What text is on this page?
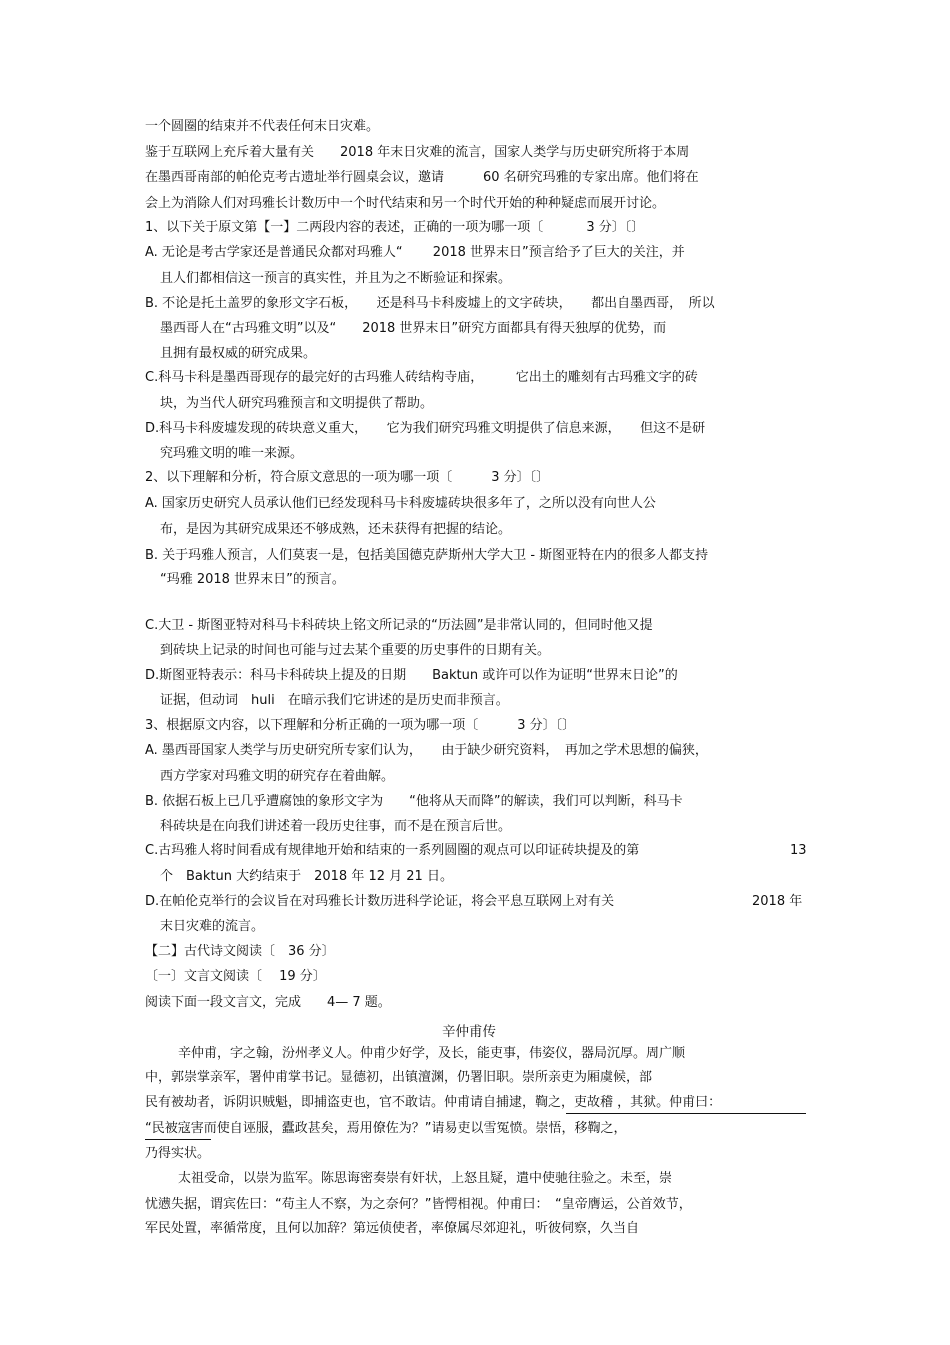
一个圆圈的结束并不代表任何末日灾难。
鉴于互联网上充斥着大量有关　　2018 年末日灾难的流言，国家人类学与历史研究所将于本周
在墨西哥南部的帕伦克考古遗址举行圆桌会议，邀请　　　60 名研究玛雅的专家出席。他们将在
会上为消除人们对玛雅长计数历中一个时代结束和另一个时代开始的种种疑虑而展开讨论。
1、以下关于原文第【一】二两段内容的表述，正确的一项为哪一项〔　　　 3 分〕〔〕
A. 无论是考古学家还是普通民众都对玛雅人“　　 2018 世界末日”预言给予了巨大的关注，并
且人们都相信这一预言的真实性，并且为之不断验证和探索。
B. 不论是托土盖罗的象形文字石板，　　还是科马卡科废墟上的文字砖块，　　都出自墨西哥，　所以
墨西哥人在“古玛雅文明”以及“　　2018 世界末日”研究方面都具有得天独厚的优势，而
且拥有最权威的研究成果。
C.科马卡科是墨西哥现存的最完好的古玛雅人砖结构寺庙，　　　它出土的雕刻有古玛雅文字的砖
块，为当代人研究玛雅预言和文明提供了帮助。
D.科马卡科废墟发现的砖块意义重大，　　它为我们研究玛雅文明提供了信息来源，　　但这不是研
究玛雅文明的唯一来源。
2、以下理解和分析，符合原文意思的一项为哪一项〔　　　3 分〕〔〕
A. 国家历史研究人员承认他们已经发现科马卡科废墟砖块很多年了，之所以没有向世人公
布，是因为其研究成果还不够成熟，还未获得有把握的结论。
B. 关于玛雅人预言，人们莫衷一是，包括美国德克萨斯州大学大卫 - 斯图亚特在内的很多人都支持
“玛雅 2018 世界末日”的预言。
C.大卫 - 斯图亚特对科马卡科砖块上铭文所记录的“历法圆”是非常认同的，但同时他又提
到砖块上记录的时间也可能与过去某个重要的历史事件的日期有关。
D.斯图亚特表示：科马卡科砖块上提及的日期　　Baktun 或许可以作为证明“世界末日论”的
证据，但动词　huli　在暗示我们它讲述的是历史而非预言。
3、根据原文内容，以下理解和分析正确的一项为哪一项〔　　　3 分〕〔〕
A. 墨西哥国家人类学与历史研究所专家们认为，　　由于缺少研究资料，　再加之学术思想的偏狭，
西方学家对玛雅文明的研究存在着曲解。
B. 依据石板上已几乎遭腐蚀的象形文字为　　“他将从天而降”的解读，我们可以判断，科马卡
科砖块是在向我们讲述着一段历史往事，而不是在预言后世。
C.古玛雅人将时间看成有规律地开始和结束的一系列圆圈的观点可以印证砖块提及的第	13
个　Baktun 大约结束于　2018 年 12 月 21 日。
D.在帕伦克举行的会议旨在对玛雅长计数历进科学论证，将会平息互联网上对有关	2018 年
末日灾难的流言。
【二】古代诗文阅读〔　36 分〕
〔一〕文言文阅读〔　 19 分〕
阅读下面一段文言文，完成　　4— 7 题。
辛仲甫传
辛仲甫，字之翰，汾州孝义人。仲甫少好学，及长，能吏事，伟姿仪，器局沉厚。周广顺
中，郭崇掌亲军，署仲甫掌书记。显德初，出镇澶渊，仍署旧职。崇所亲吏为厢虞候，部
民有被劫者，诉阴识贼魁，即捕盗吏也，官不敢诘。仲甫请自捕逮，鞫之，吏故稽 ，其狱。仲甫曰：
“民被寇害而使自诬服，蠹政甚矣，焉用僚佐为？”请易吏以雪冤愤。崇悟，移鞫之，
乃得实状。
太祖受命，以崇为监军。陈思诲密奏崇有奸状，上怒且疑，遣中使驰往验之。未至，崇
忧懑失据，谓宾佐曰：“苟主人不察，为之奈何？”皆愕相视。仲甫曰：　“皇帝膺运，公首效节，
军民处置，率循常度，且何以加辞？第远侦使者，率僚属尽郊迎礼，听彼伺察，久当自
